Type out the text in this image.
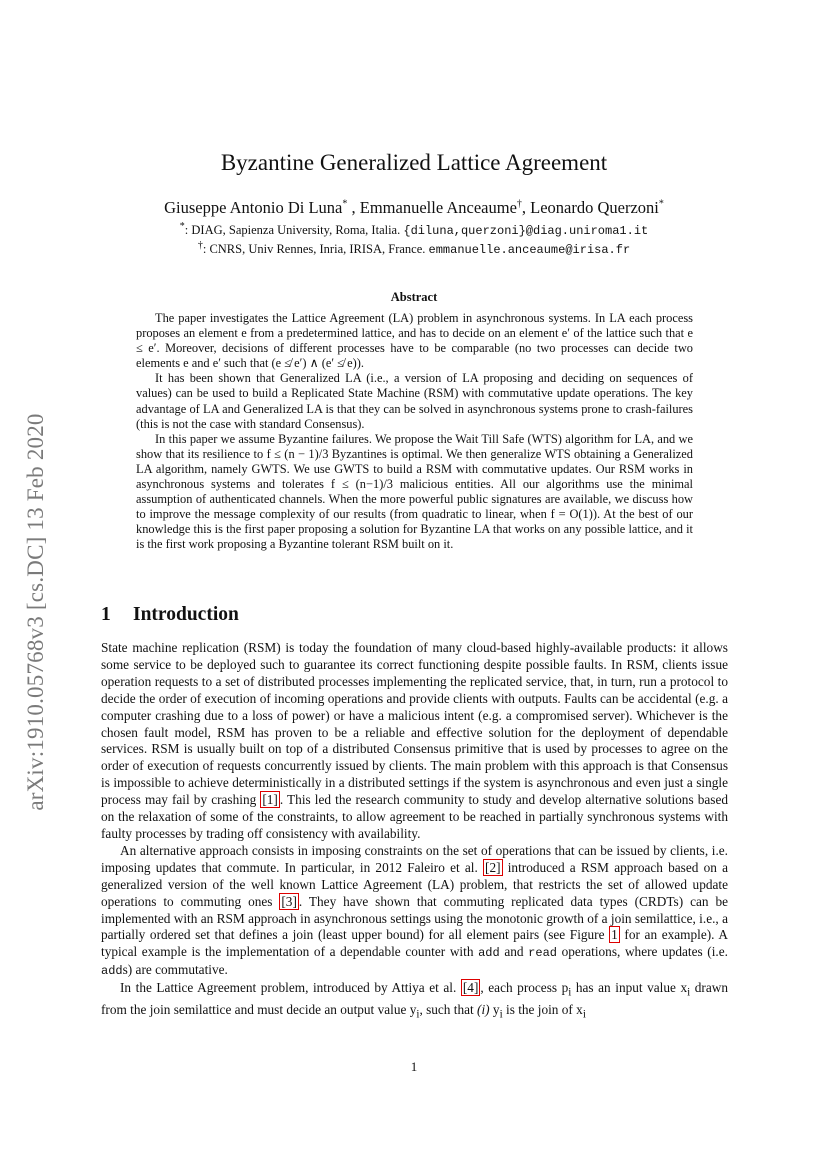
arXiv:1910.05768v3 [cs.DC] 13 Feb 2020
Byzantine Generalized Lattice Agreement
Giuseppe Antonio Di Luna* , Emmanuelle Anceaume†, Leonardo Querzoni*
*: DIAG, Sapienza University, Roma, Italia. {diluna,querzoni}@diag.uniroma1.it
†: CNRS, Univ Rennes, Inria, IRISA, France. emmanuelle.anceaume@irisa.fr
Abstract

The paper investigates the Lattice Agreement (LA) problem in asynchronous systems. In LA each process proposes an element e from a predetermined lattice, and has to decide on an element e′ of the lattice such that e ≤ e′. Moreover, decisions of different processes have to be comparable (no two processes can decide two elements e and e′ such that (e ≰ e′) ∧ (e′ ≰ e)).

It has been shown that Generalized LA (i.e., a version of LA proposing and deciding on sequences of values) can be used to build a Replicated State Machine (RSM) with commutative update operations. The key advantage of LA and Generalized LA is that they can be solved in asynchronous systems prone to crash-failures (this is not the case with standard Consensus).

In this paper we assume Byzantine failures. We propose the Wait Till Safe (WTS) algorithm for LA, and we show that its resilience to f ≤ (n − 1)/3 Byzantines is optimal. We then generalize WTS obtaining a Generalized LA algorithm, namely GWTS. We use GWTS to build a RSM with commutative updates. Our RSM works in asynchronous systems and tolerates f ≤ (n−1)/3 malicious entities. All our algorithms use the minimal assumption of authenticated channels. When the more powerful public signatures are available, we discuss how to improve the message complexity of our results (from quadratic to linear, when f = O(1)). At the best of our knowledge this is the first paper proposing a solution for Byzantine LA that works on any possible lattice, and it is the first work proposing a Byzantine tolerant RSM built on it.

1 Introduction

State machine replication (RSM) is today the foundation of many cloud-based highly-available products: it allows some service to be deployed such to guarantee its correct functioning despite possible faults. In RSM, clients issue operation requests to a set of distributed processes implementing the replicated service, that, in turn, run a protocol to decide the order of execution of incoming operations and provide clients with outputs. Faults can be accidental (e.g. a computer crashing due to a loss of power) or have a malicious intent (e.g. a compromised server). Whichever is the chosen fault model, RSM has proven to be a reliable and effective solution for the deployment of dependable services. RSM is usually built on top of a distributed Consensus primitive that is used by processes to agree on the order of execution of requests concurrently issued by clients. The main problem with this approach is that Consensus is impossible to achieve deterministically in a distributed settings if the system is asynchronous and even just a single process may fail by crashing [1] . This led the research community to study and develop alternative solutions based on the relaxation of some of the constraints, to allow agreement to be reached in partially synchronous systems with faulty processes by trading off consistency with availability.

An alternative approach consists in imposing constraints on the set of operations that can be issued by clients, i.e. imposing updates that commute. In particular, in 2012 Faleiro et al. [2] introduced a RSM approach based on a generalized version of the well known Lattice Agreement (LA) problem, that restricts the set of allowed update operations to commuting ones [3] . They have shown that commuting replicated data types (CRDTs) can be implemented with an RSM approach in asynchronous settings using the monotonic growth of a join semilattice, i.e., a partially ordered set that defines a join (least upper bound) for all element pairs (see Figure 1 for an example). A typical example is the implementation of a dependable counter with add and read operations, where updates (i.e. adds) are commutative.

In the Lattice Agreement problem, introduced by Attiya et al. [4] , each process $p_i$ has an input value $x_i$ drawn from the join semilattice and must decide an output value $y_i$, such that (i) $y_i$ is the join of $x_i$

1
